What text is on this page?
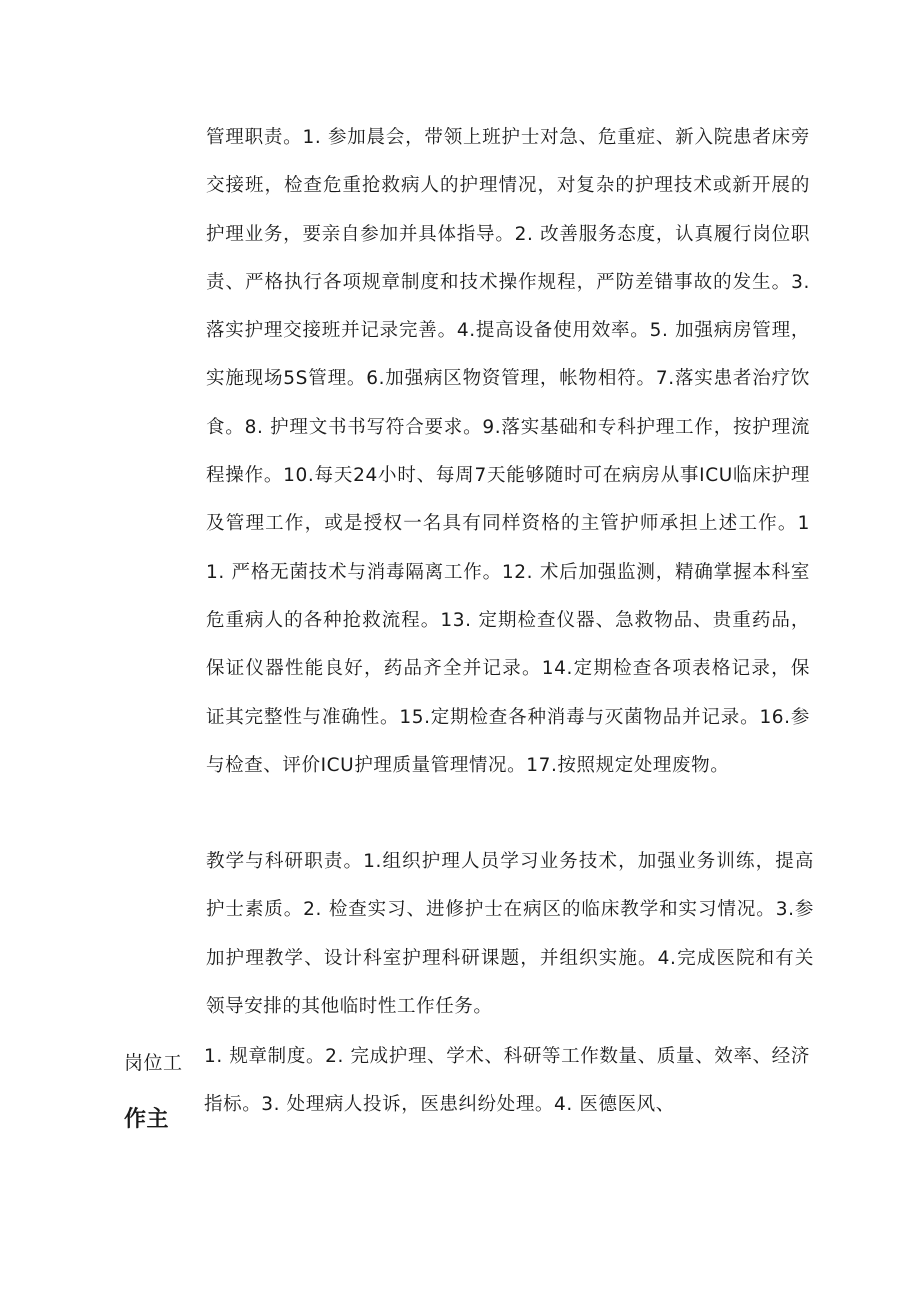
管理职责。1. 参加晨会，带领上班护士对急、危重症、新入院患者床旁交接班，检查危重抢救病人的护理情况，对复杂的护理技术或新开展的护理业务，要亲自参加并具体指导。2. 改善服务态度，认真履行岗位职责、严格执行各项规章制度和技术操作规程，严防差错事故的发生。3. 落实护理交接班并记录完善。4.提高设备使用效率。5. 加强病房管理，实施现场5S管理。6.加强病区物资管理，帐物相符。7.落实患者治疗饮食。8. 护理文书书写符合要求。9.落实基础和专科护理工作，按护理流程操作。10.每天24小时、每周7天能够随时可在病房从事ICU临床护理及管理工作，或是授权一名具有同样资格的主管护师承担上述工作。11. 严格无菌技术与消毒隔离工作。12. 术后加强监测，精确掌握本科室危重病人的各种抢救流程。13. 定期检查仪器、急救物品、贵重药品，保证仪器性能良好，药品齐全并记录。14.定期检查各项表格记录，保证其完整性与准确性。15.定期检查各种消毒与灭菌物品并记录。16.参与检查、评价ICU护理质量管理情况。17.按照规定处理废物。

教学与科研职责。1.组织护理人员学习业务技术，加强业务训练，提高护士素质。2. 检查实习、进修护士在病区的临床教学和实习情况。3.参加护理教学、设计科室护理科研课题，并组织实施。4.完成医院和有关领导安排的其他临时性工作任务。

岗位工
作主

1. 规章制度。2. 完成护理、学术、科研等工作数量、质量、效率、经济指标。3. 处理病人投诉，医患纠纷处理。4. 医德医风、
